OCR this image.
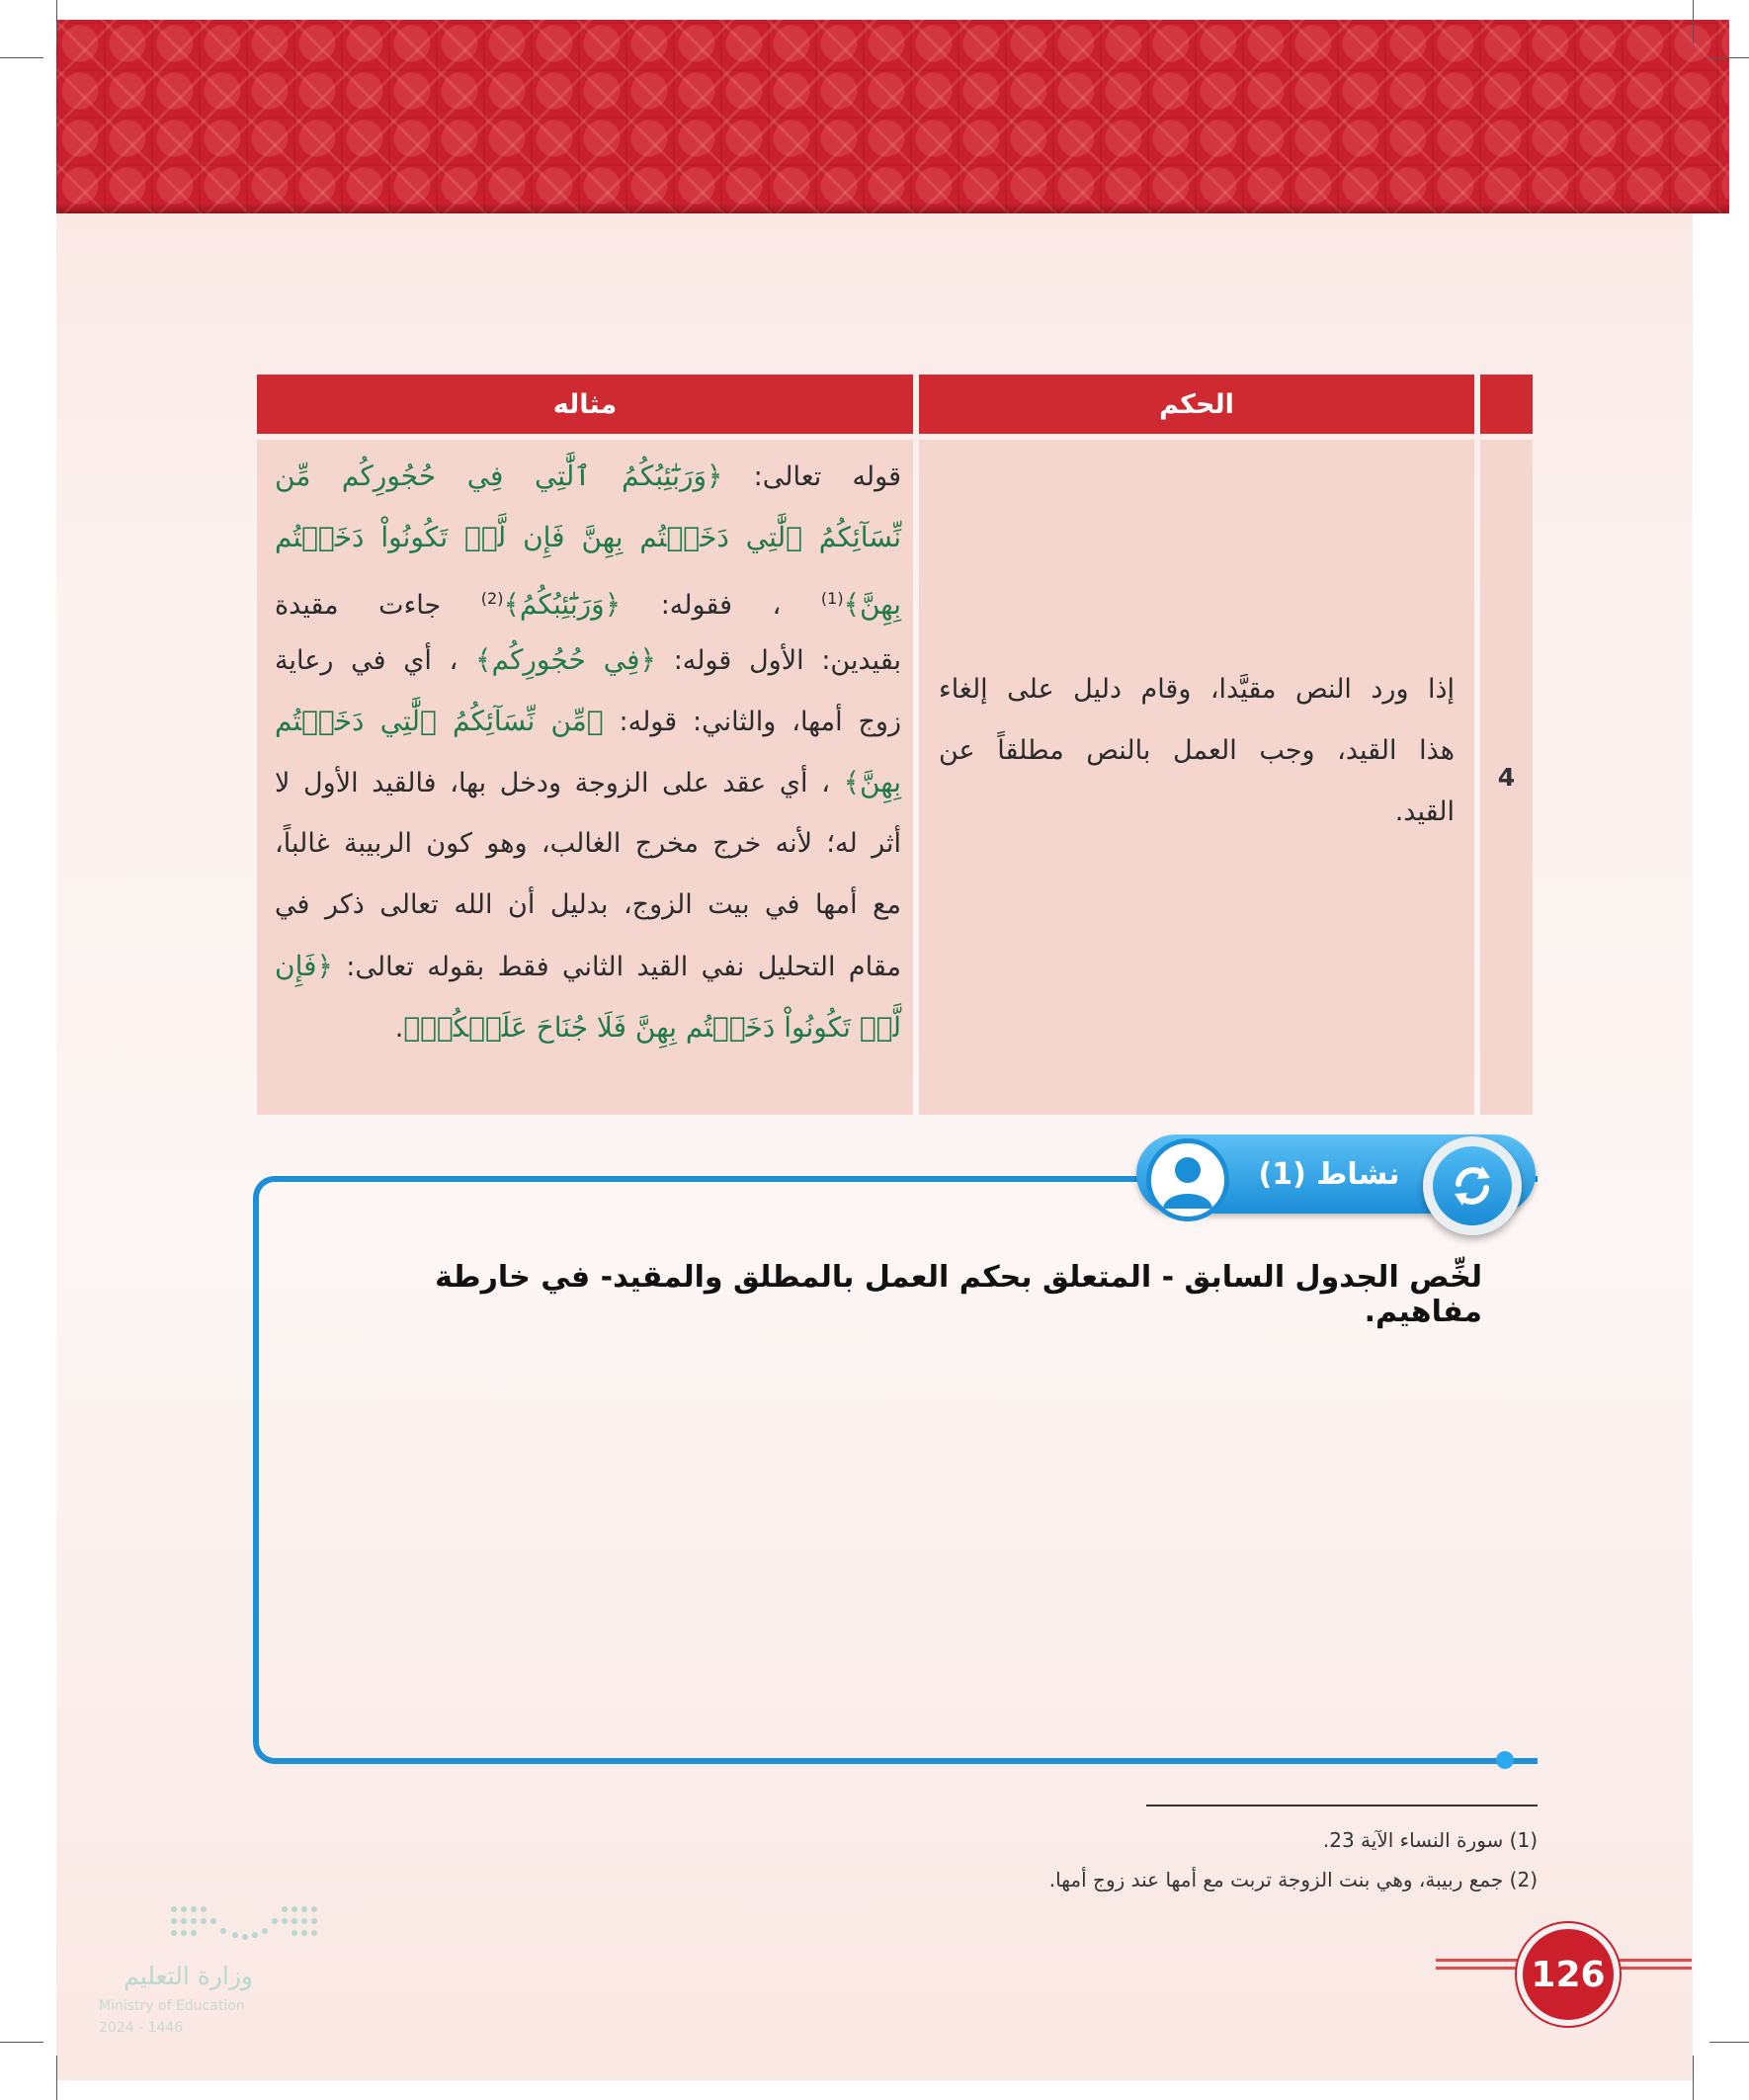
الحكم
مثاله
4
إذا ورد النص مقيَّدا، وقام دليل على إلغاء
هذا القيد، وجب العمل بالنص مطلقاً عن
القيد.
قوله تعالى: ﴿وَرَبَٰٓئِبُكُمُ ٱلَّٰتِي فِي حُجُورِكُم مِّن
نِّسَآئِكُمُ ٱلَّٰتِي دَخَلۡتُم بِهِنَّ فَإِن لَّمۡ تَكُونُواْ دَخَلۡتُم
بِهِنَّ﴾$^{(1)}$ ، فقوله: ﴿وَرَبَٰٓئِبُكُمُ﴾$^{(2)}$ جاءت مقيدة
بقيدين: الأول قوله: ﴿فِي حُجُورِكُم﴾ ، أي في رعاية
زوج أمها، والثاني: قوله: ﴿مِّن نِّسَآئِكُمُ ٱلَّٰتِي دَخَلۡتُم
بِهِنَّ﴾ ، أي عقد على الزوجة ودخل بها، فالقيد الأول لا
أثر له؛ لأنه خرج مخرج الغالب، وهو كون الربيبة غالباً،
مع أمها في بيت الزوج، بدليل أن الله تعالى ذكر في
مقام التحليل نفي القيد الثاني فقط بقوله تعالى: ﴿فَإِن
لَّمۡ تَكُونُواْ دَخَلۡتُم بِهِنَّ فَلَا جُنَاحَ عَلَيۡكُمۡ﴾.
نشاط (1)
لخِّص الجدول السابق - المتعلق بحكم العمل بالمطلق والمقيد- في خارطة مفاهيم.
(1) سورة النساء الآية 23.
(2) جمع ربيبة، وهي بنت الزوجة تربت مع أمها عند زوج أمها.
126
وزارة التعليم
Ministry of Education
2024 - 1446
